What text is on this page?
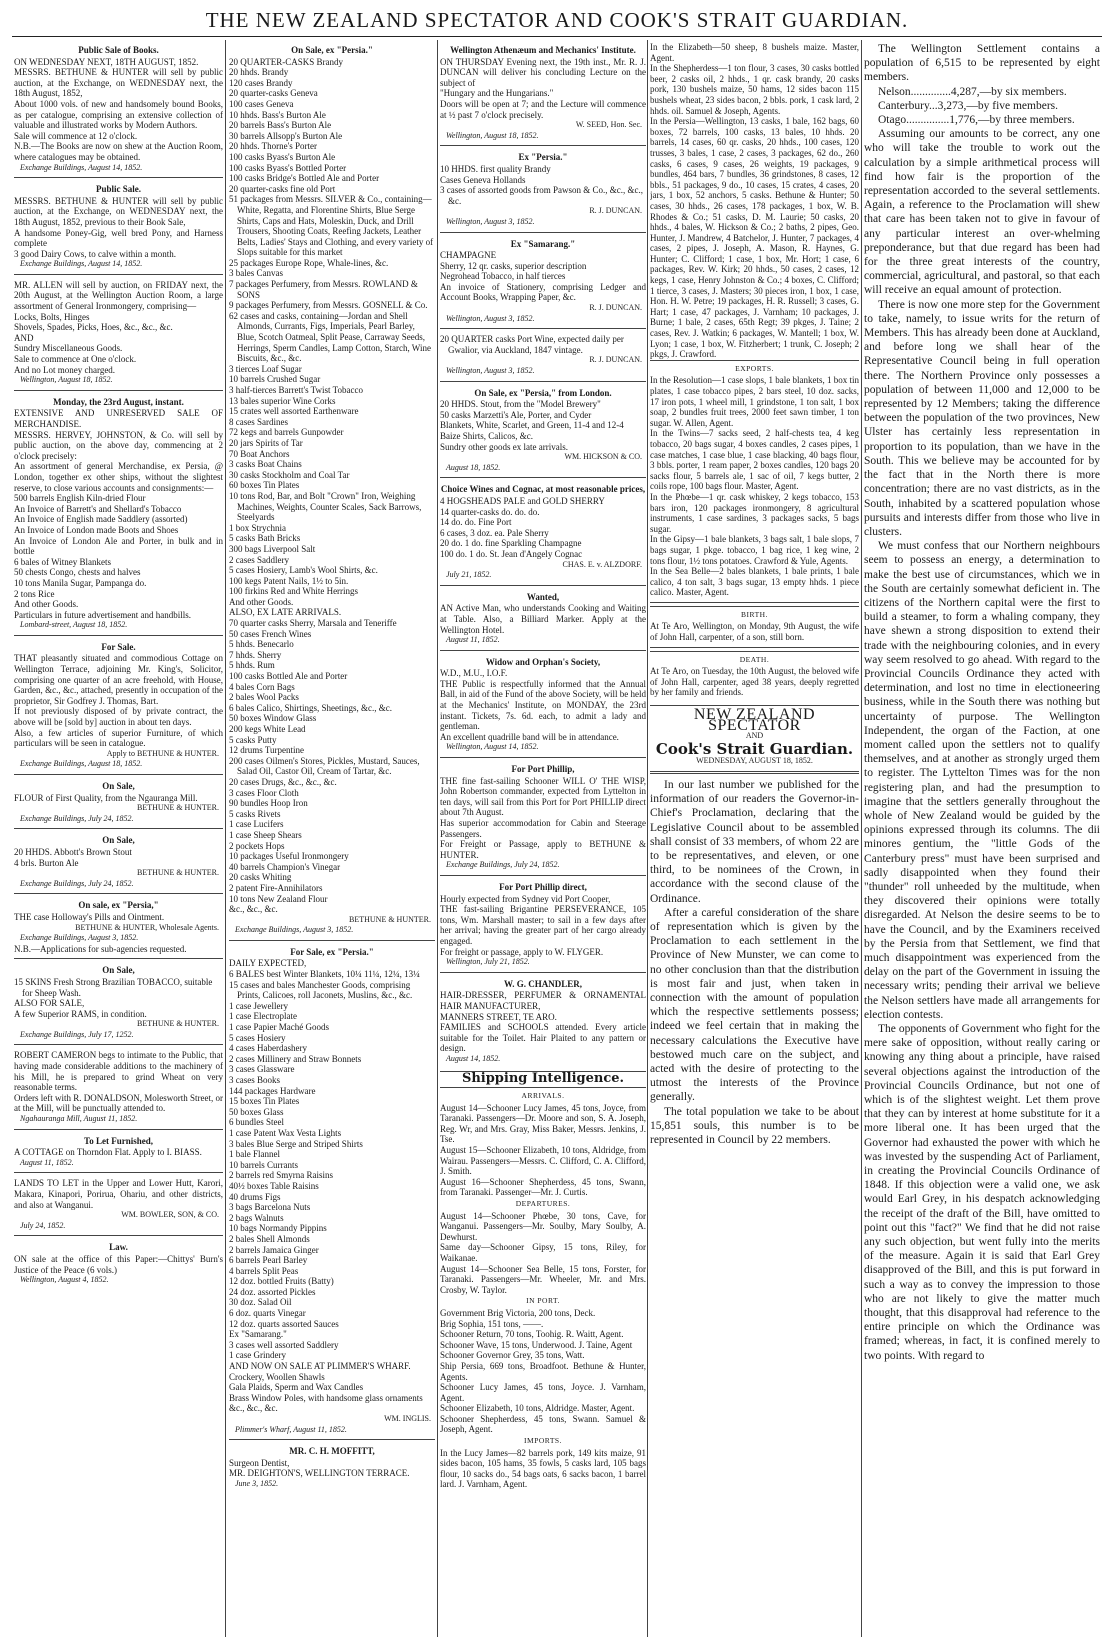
THE NEW ZEALAND SPECTATOR AND COOK'S STRAIT GUARDIAN.
Public Sale of Books.
ON WEDNESDAY NEXT, 18TH AUGUST, 1852.
MESSRS. BETHUNE & HUNTER will sell by public auction, at the Exchange, on WEDNESDAY next, the 18th August, 1852,
About 1000 vols. of new and handsomely bound Books, as per catalogue, comprising an extensive collection of valuable and illustrated works by Modern Authors.
Sale will commence at 12 o'clock.
N.B.—The Books are now on shew at the Auction Room, where catalogues may be obtained.
Exchange Buildings, August 14, 1852.
Public Sale.
MESSRS. BETHUNE & HUNTER will sell by public auction, at the Exchange, on WEDNESDAY next, the 18th August, 1852, previous to their Book Sale,
A handsome Poney-Gig, well bred Pony, and Harness complete
3 good Dairy Cows, to calve within a month.
Exchange Buildings, August 14, 1852.
MR. ALLEN will sell by auction, on FRIDAY next, the 20th August, at the Wellington Auction Room, a large assortment of General Ironmongery, comprising—
Locks, Bolts, Hinges
Shovels, Spades, Picks, Hoes, &c., &c., &c.
AND
Sundry Miscellaneous Goods.
Sale to commence at One o'clock.
And no Lot money charged.
Wellington, August 18, 1852.
Monday, the 23rd August, instant.
EXTENSIVE AND UNRESERVED SALE OF MERCHANDISE.
MESSRS. HERVEY, JOHNSTON, & Co. will sell by public auction, on the above day, commencing at 2 o'clock precisely:
An assortment of general Merchandise, ex Persia, @ London, together ex other ships, without the slightest reserve, to close various accounts and consignments:—
500 barrels English Kiln-dried Flour
An Invoice of Barrett's and Shellard's Tobacco
An Invoice of English made Saddlery (assorted)
An Invoice of London made Boots and Shoes
An Invoice of London Ale and Porter, in bulk and in bottle
6 bales of Witney Blankets
50 chests Congo, chests and halves
10 tons Manila Sugar, Pampanga do.
2 tons Rice
And other Goods.
Particulars in future advertisement and handbills.
Lombard-street, August 18, 1852.
For Sale.
THAT pleasantly situated and commodious Cottage on Wellington Terrace, adjoining Mr. King's, Solicitor, comprising one quarter of an acre freehold, with House, Garden, &c., &c., attached, presently in occupation of the proprietor, Sir Godfrey J. Thomas, Bart.
If not previously disposed of by private contract, the above will be [sold by] auction in about ten days.
Also, a few articles of superior Furniture, of which particulars will be seen in catalogue.
Apply to BETHUNE & HUNTER.
Exchange Buildings, August 18, 1852.
On Sale,
FLOUR of First Quality, from the Ngauranga Mill.
BETHUNE & HUNTER.
Exchange Buildings, July 24, 1852.
On Sale,
20 HHDS. Abbott's Brown Stout
4 brls. Burton Ale
BETHUNE & HUNTER.
Exchange Buildings, July 24, 1852.
On sale, ex "Persia,"
THE case Holloway's Pills and Ointment.
BETHUNE & HUNTER, Wholesale Agents.
Exchange Buildings, August 3, 1852.
N.B.—Applications for sub-agencies requested.
On Sale,
15 SKINS Fresh Strong Brazilian TOBACCO, suitable for Sheep Wash.
ALSO FOR SALE,
A few Superior RAMS, in condition.
BETHUNE & HUNTER.
Exchange Buildings, July 17, 1252.
ROBERT CAMERON begs to intimate to the Public, that having made considerable additions to the machinery of his Mill, he is prepared to grind Wheat on very reasonable terms.
Orders left with R. DONALDSON, Molesworth Street, or at the Mill, will be punctually attended to.
Ngahauranga Mill, August 11, 1852.
To Let Furnished,
A COTTAGE on Thorndon Flat. Apply to I. BIASS.
August 11, 1852.
LANDS TO LET in the Upper and Lower Hutt, Karori, Makara, Kinapori, Porirua, Ohariu, and other districts, and also at Wanganui.
WM. BOWLER, SON, & CO.
July 24, 1852.
Law.
ON sale at the office of this Paper:—Chittys' Burn's Justice of the Peace (6 vols.)
Wellington, August 4, 1852.
On Sale, ex "Persia."
20 QUARTER-CASKS Brandy
20 hhds. Brandy
120 cases Brandy
20 quarter-casks Geneva
100 cases Geneva
10 hhds. Bass's Burton Ale
20 barrels Bass's Burton Ale
30 barrels Allsopp's Burton Ale
20 hhds. Thorne's Porter
100 casks Byass's Burton Ale
100 casks Byass's Bottled Porter
100 casks Bridge's Bottled Ale and Porter
20 quarter-casks fine old Port
51 packages from Messrs. SILVER & Co., containing—White, Regatta, and Florentine Shirts, Blue Serge Shirts, Caps and Hats, Moleskin, Duck, and Drill Trousers, Shooting Coats, Reefing Jackets, Leather Belts, Ladies' Stays and Clothing, and every variety of Slops suitable for this market
25 packages Europe Rope, Whale-lines, &c.
3 bales Canvas
7 packages Perfumery, from Messrs. ROWLAND & SONS
9 packages Perfumery, from Messrs. GOSNELL & Co.
62 cases and casks, containing—Jordan and Shell Almonds, Currants, Figs, Imperials, Pearl Barley, Blue, Scotch Oatmeal, Split Pease, Carraway Seeds, Herrings, Sperm Candles, Lamp Cotton, Starch, Wine Biscuits, &c., &c.
3 tierces Loaf Sugar
10 barrels Crushed Sugar
3 half-tierces Barrett's Twist Tobacco
13 bales superior Wine Corks
15 crates well assorted Earthenware
8 cases Sardines
72 kegs and barrels Gunpowder
20 jars Spirits of Tar
70 Boat Anchors
3 casks Boat Chains
30 casks Stockholm and Coal Tar
60 boxes Tin Plates
10 tons Rod, Bar, and Bolt "Crown" Iron, Weighing Machines, Weights, Counter Scales, Sack Barrows, Steelyards
1 box Strychnia
5 casks Bath Bricks
300 bags Liverpool Salt
2 cases Saddlery
5 cases Hosiery, Lamb's Wool Shirts, &c.
100 kegs Patent Nails, 1½ to 5in.
100 firkins Red and White Herrings
And other Goods.
ALSO, EX LATE ARRIVALS.
70 quarter casks Sherry, Marsala and Teneriffe
50 cases French Wines
5 hhds. Benecarlo
7 hhds. Sherry
5 hhds. Rum
100 casks Bottled Ale and Porter
4 bales Corn Bags
2 bales Wool Packs
6 bales Calico, Shirtings, Sheetings, &c., &c.
50 boxes Window Glass
200 kegs White Lead
5 casks Putty
12 drums Turpentine
200 cases Oilmen's Stores, Pickles, Mustard, Sauces, Salad Oil, Castor Oil, Cream of Tartar, &c.
20 cases Drugs, &c., &c., &c.
3 cases Floor Cloth
90 bundles Hoop Iron
5 casks Rivets
1 case Lucifers
1 case Sheep Shears
2 pockets Hops
10 packages Useful Ironmongery
40 barrels Champion's Vinegar
20 casks Whiting
2 patent Fire-Annihilators
10 tons New Zealand Flour
&c., &c., &c.
BETHUNE & HUNTER.
Exchange Buildings, August 3, 1852.
For Sale, ex "Persia."
DAILY EXPECTED,
6 BALES best Winter Blankets, 10¼ 11¼, 12¼, 13¼
15 cases and bales Manchester Goods, comprising Prints, Calicoes, roll Jaconets, Muslins, &c., &c.
1 case Jewellery
1 case Electroplate
1 case Papier Maché Goods
5 cases Hosiery
4 cases Haberdashery
2 cases Millinery and Straw Bonnets
3 cases Glassware
3 cases Books
144 packages Hardware
15 boxes Tin Plates
50 boxes Glass
6 bundles Steel
1 case Patent Wax Vesta Lights
3 bales Blue Serge and Striped Shirts
1 bale Flannel
10 barrels Currants
2 barrels red Smyrna Raisins
40½ boxes Table Raisins
40 drums Figs
3 bags Barcelona Nuts
2 bags Walnuts
10 bags Normandy Pippins
2 bales Shell Almonds
2 barrels Jamaica Ginger
6 barrels Pearl Barley
4 barrels Split Peas
12 doz. bottled Fruits (Batty)
24 doz. assorted Pickles
30 doz. Salad Oil
6 doz. quarts Vinegar
12 doz. quarts assorted Sauces
Ex "Samarang."
3 cases well assorted Saddlery
1 case Grindery
AND NOW ON SALE AT PLIMMER'S WHARF.
Crockery, Woollen Shawls
Gala Plaids, Sperm and Wax Candles
Brass Window Poles, with handsome glass ornaments
&c., &c., &c.
WM. INGLIS.
Plimmer's Wharf, August 11, 1852.
MR. C. H. MOFFITT,
Surgeon Dentist,
MR. DEIGHTON'S, WELLINGTON TERRACE.
June 3, 1852.
Wellington Athenæum and Mechanics' Institute.
ON THURSDAY Evening next, the 19th inst., Mr. R. J. DUNCAN will deliver his concluding Lecture on the subject of
"Hungary and the Hungarians."
Doors will be open at 7; and the Lecture will commence at ½ past 7 o'clock precisely.
W. SEED, Hon. Sec.
Wellington, August 18, 1852.
Ex "Persia."
10 HHDS. first quality Brandy
Cases Geneva Hollands
3 cases of assorted goods from Pawson & Co., &c., &c., &c.
R. J. DUNCAN.
Wellington, August 3, 1852.
Ex "Samarang."
CHAMPAGNE
Sherry, 12 qr. casks, superior description
Negrohead Tobacco, in half tierces
An invoice of Stationery, comprising Ledger and Account Books, Wrapping Paper, &c.
R. J. DUNCAN.
Wellington, August 3, 1852.
20 QUARTER casks Port Wine, expected daily per Gwalior, via Auckland, 1847 vintage.
R. J. DUNCAN.
Wellington, August 3, 1852.
On Sale, ex "Persia," from London.
20 HHDS. Stout, from the "Model Brewery"
50 casks Marzetti's Ale, Porter, and Cyder
Blankets, White, Scarlet, and Green, 11-4 and 12-4
Baize Shirts, Calicos, &c.
Sundry other goods ex late arrivals.
WM. HICKSON & CO.
August 18, 1852.
Choice Wines and Cognac, at most reasonable prices,
4 HOGSHEADS PALE and GOLD SHERRY
14 quarter-casks do. do. do.
14 do. do. Fine Port
6 cases, 3 doz. ea. Pale Sherry
20 do. 1 do. fine Sparkling Champagne
100 do. 1 do. St. Jean d'Angely Cognac
CHAS. E. v. ALZDORF.
July 21, 1852.
Wanted,
AN Active Man, who understands Cooking and Waiting at Table. Also, a Billiard Marker. Apply at the Wellington Hotel.
August 11, 1852.
Widow and Orphan's Society,
W.D., M.U., I.O.F.
THE Public is respectfully informed that the Annual Ball, in aid of the Fund of the above Society, will be held at the Mechanics' Institute, on MONDAY, the 23rd instant. Tickets, 7s. 6d. each, to admit a lady and gentleman.
An excellent quadrille band will be in attendance.
Wellington, August 14, 1852.
For Port Phillip,
THE fine fast-sailing Schooner WILL O' THE WISP, John Robertson commander, expected from Lyttelton in ten days, will sail from this Port for Port PHILLIP direct about 7th August.
Has superior accommodation for Cabin and Steerage Passengers.
For Freight or Passage, apply to BETHUNE & HUNTER.
Exchange Buildings, July 24, 1852.
For Port Phillip direct,
Hourly expected from Sydney vid Port Cooper,
THE fast-sailing Brigantine PERSEVERANCE, 105 tons, Wm. Marshall master; to sail in a few days after her arrival; having the greater part of her cargo already engaged.
For freight or passage, apply to W. FLYGER.
Wellington, July 21, 1852.
W. G. CHANDLER,
HAIR-DRESSER, PERFUMER & ORNAMENTAL HAIR MANUFACTURER,
MANNERS STREET, TE ARO.
FAMILIES and SCHOOLS attended. Every article suitable for the Toilet. Hair Plaited to any pattern or design.
August 14, 1852.
Shipping Intelligence.
ARRIVALS.
August 14—Schooner Lucy James, 45 tons, Joyce, from Taranaki. Passengers—Dr. Moore and son, S. A. Joseph, Reg. Wr, and Mrs. Gray, Miss Baker, Messrs. Jenkins, J. Tse.
August 15—Schooner Elizabeth, 10 tons, Aldridge, from Wairau. Passengers—Messrs. C. Clifford, C. A. Clifford, J. Smith.
August 16—Schooner Shepherdess, 45 tons, Swann, from Taranaki. Passenger—Mr. J. Curtis.
DEPARTURES.
August 14—Schooner Phœbe, 30 tons, Cave, for Wanganui. Passengers—Mr. Soulby, Mary Soulby, A. Dewhurst.
Same day—Schooner Gipsy, 15 tons, Riley, for Waikanae.
August 14—Schooner Sea Belle, 15 tons, Forster, for Taranaki. Passengers—Mr. Wheeler, Mr. and Mrs. Crosby, W. Taylor.
IN PORT.
Government Brig Victoria, 200 tons, Deck.
Brig Sophia, 151 tons, ——.
Schooner Return, 70 tons, Toohig. R. Waitt, Agent.
Schooner Wave, 15 tons, Underwood. J. Taine, Agent
Schooner Governor Grey, 35 tons, Watt.
Ship Persia, 669 tons, Broadfoot. Bethune & Hunter, Agents.
Schooner Lucy James, 45 tons, Joyce. J. Varnham, Agent.
Schooner Elizabeth, 10 tons, Aldridge. Master, Agent.
Schooner Shepherdess, 45 tons, Swann. Samuel & Joseph, Agent.
IMPORTS.
In the Lucy James—82 barrels pork, 149 kits maize, 91 sides bacon, 105 hams, 35 fowls, 5 casks lard, 105 bags flour, 10 sacks do., 54 bags oats, 6 sacks bacon, 1 barrel lard. J. Varnham, Agent.
In the Elizabeth—50 sheep, 8 bushels maize. Master, Agent.
In the Shepherdess—1 ton flour, 3 cases, 30 casks bottled beer, 2 casks oil, 2 hhds., 1 qr. cask brandy, 20 casks pork, 130 bushels maize, 50 hams, 12 sides bacon 115 bushels wheat, 23 sides bacon, 2 bbls. pork, 1 cask lard, 2 hhds. oil. Samuel & Joseph, Agents.
In the Persia—Wellington, 13 casks, 1 bale, 162 bags, 60 boxes, 72 barrels, 100 casks, 13 bales, 10 hhds. 20 barrels, 14 cases, 60 qr. casks, 20 hhds., 100 cases, 120 trusses, 3 bales, 1 case, 2 cases, 3 packages, 62 do., 260 casks, 6 cases, 9 cases, 26 weights, 19 packages, 9 bundles, 464 bars, 7 bundles, 36 grindstones, 8 cases, 12 bbls., 51 packages, 9 do., 10 cases, 15 crates, 4 cases, 20 jars, 1 box, 52 anchors, 5 casks. Bethune & Hunter; 50 cases, 30 hhds., 26 cases, 178 packages, 1 box, W. B. Rhodes & Co.; 51 casks, D. M. Laurie; 50 casks, 20 hhds., 4 bales, W. Hickson & Co.; 2 baths, 2 pipes, Geo. Hunter, J. Mandrew, 4 Batchelor, J. Hunter, 7 packages, 4 cases, 2 pipes, J. Joseph, A. Mason, R. Haynes, G. Hunter; C. Clifford; 1 case, 1 box, Mr. Hort; 1 case, 6 packages, Rev. W. Kirk; 20 hhds., 50 cases, 2 cases, 12 kegs, 1 case, Henry Johnston & Co.; 4 boxes, C. Clifford; 1 tierce, 3 cases, J. Masters; 30 pieces iron, 1 box, 1 case, Hon. H. W. Petre; 19 packages, H. R. Russell; 3 cases, G. Hart; 1 case, 47 packages, J. Varnham; 10 packages, J. Burne; 1 bale, 2 cases, 65th Regt; 39 pkges, J. Taine; 2 cases, Rev. J. Watkin; 6 packages, W. Mantell; 1 box, W. Lyon; 1 case, 1 box, W. Fitzherbert; 1 trunk, C. Joseph; 2 pkgs, J. Crawford.
EXPORTS.
In the Resolution—1 case slops, 1 bale blankets, 1 box tin plates, 1 case tobacco pipes, 2 bars steel, 10 doz. sacks, 17 iron pots, 1 wheel mill, 1 grindstone, 1 ton salt, 1 box soap, 2 bundles fruit trees, 2000 feet sawn timber, 1 ton sugar. W. Allen, Agent.
In the Twins—7 sacks seed, 2 half-chests tea, 4 keg tobacco, 20 bags sugar, 4 boxes candles, 2 cases pipes, 1 case matches, 1 case blue, 1 case blacking, 40 bags flour, 3 bbls. porter, 1 ream paper, 2 boxes candles, 120 bags 20 sacks flour, 5 barrels ale, 1 sac of oil, 7 kegs butter, 2 coils rope, 100 bags flour. Master, Agent.
In the Phœbe—1 qr. cask whiskey, 2 kegs tobacco, 153 bars iron, 120 packages ironmongery, 8 agricultural instruments, 1 case sardines, 3 packages sacks, 5 bags sugar.
In the Gipsy—1 bale blankets, 3 bags salt, 1 bale slops, 7 bags sugar, 1 pkge. tobacco, 1 bag rice, 1 keg wine, 2 tons flour, 1½ tons potatoes. Crawford & Yule, Agents.
In the Sea Belle—2 bales blankets, 1 bale prints, 1 bale calico, 4 ton salt, 3 bags sugar, 13 empty hhds. 1 piece calico. Master, Agent.
BIRTH.
At Te Aro, Wellington, on Monday, 9th August, the wife of John Hall, carpenter, of a son, still born.
DEATH.
At Te Aro, on Tuesday, the 10th August, the beloved wife of John Hall, carpenter, aged 38 years, deeply regretted by her family and friends.
NEW ZEALAND SPECTATOR
AND
Cook's Strait Guardian.
WEDNESDAY, AUGUST 18, 1852.

In our last number we published for the information of our readers the Governor-in-Chief's Proclamation, declaring that the Legislative Council about to be assembled shall consist of 33 members, of whom 22 are to be representatives, and eleven, or one third, to be nominees of the Crown, in accordance with the second clause of the Ordinance.

After a careful consideration of the share of representation which is given by the Proclamation to each settlement in the Province of New Munster, we can come to no other conclusion than that the distribution is most fair and just, when taken in connection with the amount of population which the respective settlements possess; indeed we feel certain that in making the necessary calculations the Executive have bestowed much care on the subject, and acted with the desire of protecting to the utmost the interests of the Province generally.

The total population we take to be about 15,851 souls, this number is to be represented in Council by 22 members.

The Wellington Settlement contains a population of 6,515 to be represented by eight members.

Nelson..............4,287,—by six members.

Canterbury...3,273,—by five members.

Otago...............1,776,—by three members.

Assuming our amounts to be correct, any one who will take the trouble to work out the calculation by a simple arithmetical process will find how fair is the proportion of the representation accorded to the several settlements. Again, a reference to the Proclamation will shew that care has been taken not to give in favour of any particular interest an over-whelming preponderance, but that due regard has been had for the three great interests of the country, commercial, agricultural, and pastoral, so that each will receive an equal amount of protection.

There is now one more step for the Government to take, namely, to issue writs for the return of Members. This has already been done at Auckland, and before long we shall hear of the Representative Council being in full operation there. The Northern Province only possesses a population of between 11,000 and 12,000 to be represented by 12 Members; taking the difference between the population of the two provinces, New Ulster has certainly less representation in proportion to its population, than we have in the South. This we believe may be accounted for by the fact that in the North there is more concentration; there are no vast districts, as in the South, inhabited by a scattered population whose pursuits and interests differ from those who live in clusters.

We must confess that our Northern neighbours seem to possess an energy, a determination to make the best use of circumstances, which we in the South are certainly somewhat deficient in. The citizens of the Northern capital were the first to build a steamer, to form a whaling company, they have shewn a strong disposition to extend their trade with the neighbouring colonies, and in every way seem resolved to go ahead. With regard to the Provincial Councils Ordinance they acted with determination, and lost no time in electioneering business, while in the South there was nothing but uncertainty of purpose. The Wellington Independent, the organ of the Faction, at one moment called upon the settlers not to qualify themselves, and at another as strongly urged them to register. The Lyttelton Times was for the non registering plan, and had the presumption to imagine that the settlers generally throughout the whole of New Zealand would be guided by the opinions expressed through its columns. The dii minores gentium, the "little Gods of the Canterbury press" must have been surprised and sadly disappointed when they found their "thunder" roll unheeded by the multitude, when they discovered their opinions were totally disregarded. At Nelson the desire seems to be to have the Council, and by the Examiners received by the Persia from that Settlement, we find that much disappointment was experienced from the delay on the part of the Government in issuing the necessary writs; pending their arrival we believe the Nelson settlers have made all arrangements for election contests.

The opponents of Government who fight for the mere sake of opposition, without really caring or knowing any thing about a principle, have raised several objections against the introduction of the Provincial Councils Ordinance, but not one of which is of the slightest weight. Let them prove that they can by interest at home substitute for it a more liberal one. It has been urged that the Governor had exhausted the power with which he was invested by the suspending Act of Parliament, in creating the Provincial Councils Ordinance of 1848. If this objection were a valid one, we ask would Earl Grey, in his despatch acknowledging the receipt of the draft of the Bill, have omitted to point out this "fact?" We find that he did not raise any such objection, but went fully into the merits of the measure. Again it is said that Earl Grey disapproved of the Bill, and this is put forward in such a way as to convey the impression to those who are not likely to give the matter much thought, that this disapproval had reference to the entire principle on which the Ordinance was framed; whereas, in fact, it is confined merely to two points. With regard to
